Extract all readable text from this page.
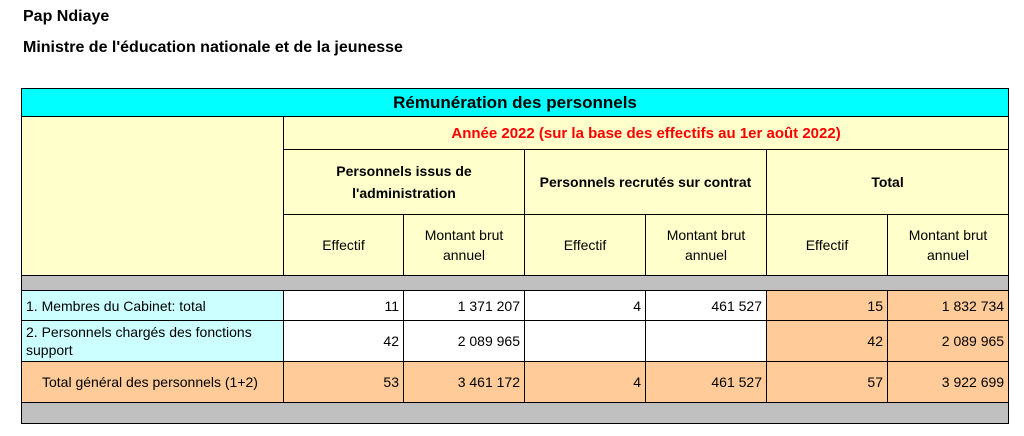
Pap Ndiaye
Ministre de l'éducation nationale et de la jeunesse
Rémunération des personnels						
	Année 2022 (sur la base des effectifs au 1er août 2022)					
	Personnels issus de l'administration		Personnels recrutés sur contrat		Total	
	Effectif	Montant brut annuel	Effectif	Montant brut annuel	Effectif	Montant brut annuel

1. Membres du Cabinet: total	11	1 371 207	4	461 527	15	1 832 734
2. Personnels chargés des fonctions support	42	2 089 965			42	2 089 965
Total général des personnels (1+2)	53	3 461 172	4	461 527	57	3 922 699
